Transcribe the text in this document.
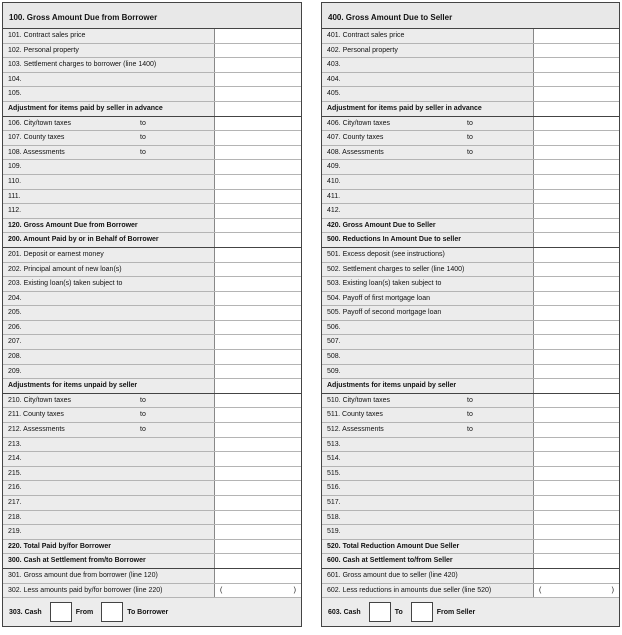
100. Gross Amount Due from Borrower
101. Contract sales price
102. Personal property
103. Settlement charges to borrower (line 1400)
104.
105.
Adjustment for items paid by seller in advance
106. City/town taxes	to
107. County taxes	to
108. Assessments	to
109.
110.
111.
112.
120. Gross Amount Due from Borrower
200. Amount Paid by or in Behalf of Borrower
201. Deposit or earnest money
202. Principal amount of new loan(s)
203. Existing loan(s) taken subject to
204.
205.
206.
207.
208.
209.
Adjustments for items unpaid by seller
210. City/town taxes	to
211. County taxes	to
212. Assessments	to
213.
214.
215.
216.
217.
218.
219.
220. Total Paid by/for Borrower
300. Cash at Settlement from/to Borrower
301. Gross amount due from borrower (line 120)
302. Less amounts paid by/for borrower (line 220)	(	)
303. Cash	From	To Borrower
400. Gross Amount Due to Seller
401. Contract sales price
402. Personal property
403.
404.
405.
Adjustment for items paid by seller in advance
406. City/town taxes	to
407. County taxes	to
408. Assessments	to
409.
410.
411.
412.
420. Gross Amount Due to Seller
500. Reductions In Amount Due to seller
501. Excess deposit (see instructions)
502. Settlement charges to seller (line 1400)
503. Existing loan(s) taken subject to
504. Payoff of first mortgage loan
505. Payoff of second mortgage loan
506.
507.
508.
509.
Adjustments for items unpaid by seller
510. City/town taxes	to
511. County taxes	to
512. Assessments	to
513.
514.
515.
516.
517.
518.
519.
520. Total Reduction Amount Due Seller
600. Cash at Settlement to/from Seller
601. Gross amount due to seller (line 420)
602. Less reductions in amounts due seller (line 520)	(	)
603. Cash	To	From Seller
